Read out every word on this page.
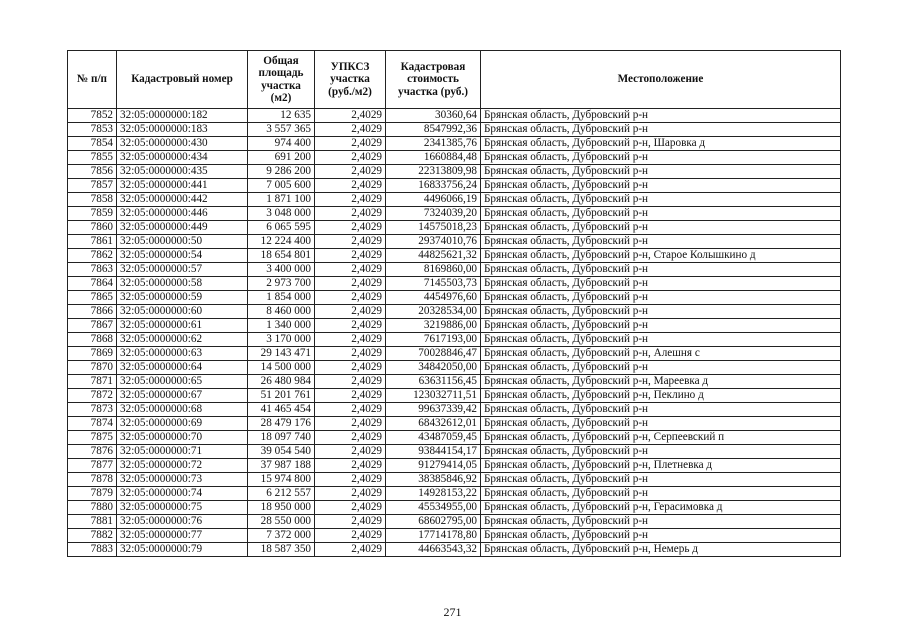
№ п/п	Кадастровый номер	Общая площадь участка (м2)	УПКСЗ участка (руб./м2)	Кадастровая стоимость участка (руб.)	Местоположение
7852	32:05:0000000:182	12 635	2,4029	30360,64	Брянская область, Дубровский р-н
7853	32:05:0000000:183	3 557 365	2,4029	8547992,36	Брянская область, Дубровский р-н
7854	32:05:0000000:430	974 400	2,4029	2341385,76	Брянская область, Дубровский р-н, Шаровка д
7855	32:05:0000000:434	691 200	2,4029	1660884,48	Брянская область, Дубровский р-н
7856	32:05:0000000:435	9 286 200	2,4029	22313809,98	Брянская область, Дубровский р-н
7857	32:05:0000000:441	7 005 600	2,4029	16833756,24	Брянская область, Дубровский р-н
7858	32:05:0000000:442	1 871 100	2,4029	4496066,19	Брянская область, Дубровский р-н
7859	32:05:0000000:446	3 048 000	2,4029	7324039,20	Брянская область, Дубровский р-н
7860	32:05:0000000:449	6 065 595	2,4029	14575018,23	Брянская область, Дубровский р-н
7861	32:05:0000000:50	12 224 400	2,4029	29374010,76	Брянская область, Дубровский р-н
7862	32:05:0000000:54	18 654 801	2,4029	44825621,32	Брянская область, Дубровский р-н, Старое Колышкино д
7863	32:05:0000000:57	3 400 000	2,4029	8169860,00	Брянская область, Дубровский р-н
7864	32:05:0000000:58	2 973 700	2,4029	7145503,73	Брянская область, Дубровский р-н
7865	32:05:0000000:59	1 854 000	2,4029	4454976,60	Брянская область, Дубровский р-н
7866	32:05:0000000:60	8 460 000	2,4029	20328534,00	Брянская область, Дубровский р-н
7867	32:05:0000000:61	1 340 000	2,4029	3219886,00	Брянская область, Дубровский р-н
7868	32:05:0000000:62	3 170 000	2,4029	7617193,00	Брянская область, Дубровский р-н
7869	32:05:0000000:63	29 143 471	2,4029	70028846,47	Брянская область, Дубровский р-н, Алешня с
7870	32:05:0000000:64	14 500 000	2,4029	34842050,00	Брянская область, Дубровский р-н
7871	32:05:0000000:65	26 480 984	2,4029	63631156,45	Брянская область, Дубровский р-н, Мареевка д
7872	32:05:0000000:67	51 201 761	2,4029	123032711,51	Брянская область, Дубровский р-н, Пеклино д
7873	32:05:0000000:68	41 465 454	2,4029	99637339,42	Брянская область, Дубровский р-н
7874	32:05:0000000:69	28 479 176	2,4029	68432612,01	Брянская область, Дубровский р-н
7875	32:05:0000000:70	18 097 740	2,4029	43487059,45	Брянская область, Дубровский р-н, Серпеевский п
7876	32:05:0000000:71	39 054 540	2,4029	93844154,17	Брянская область, Дубровский р-н
7877	32:05:0000000:72	37 987 188	2,4029	91279414,05	Брянская область, Дубровский р-н, Плетневка д
7878	32:05:0000000:73	15 974 800	2,4029	38385846,92	Брянская область, Дубровский р-н
7879	32:05:0000000:74	6 212 557	2,4029	14928153,22	Брянская область, Дубровский р-н
7880	32:05:0000000:75	18 950 000	2,4029	45534955,00	Брянская область, Дубровский р-н, Герасимовка д
7881	32:05:0000000:76	28 550 000	2,4029	68602795,00	Брянская область, Дубровский р-н
7882	32:05:0000000:77	7 372 000	2,4029	17714178,80	Брянская область, Дубровский р-н
7883	32:05:0000000:79	18 587 350	2,4029	44663543,32	Брянская область, Дубровский р-н, Немерь д
271
